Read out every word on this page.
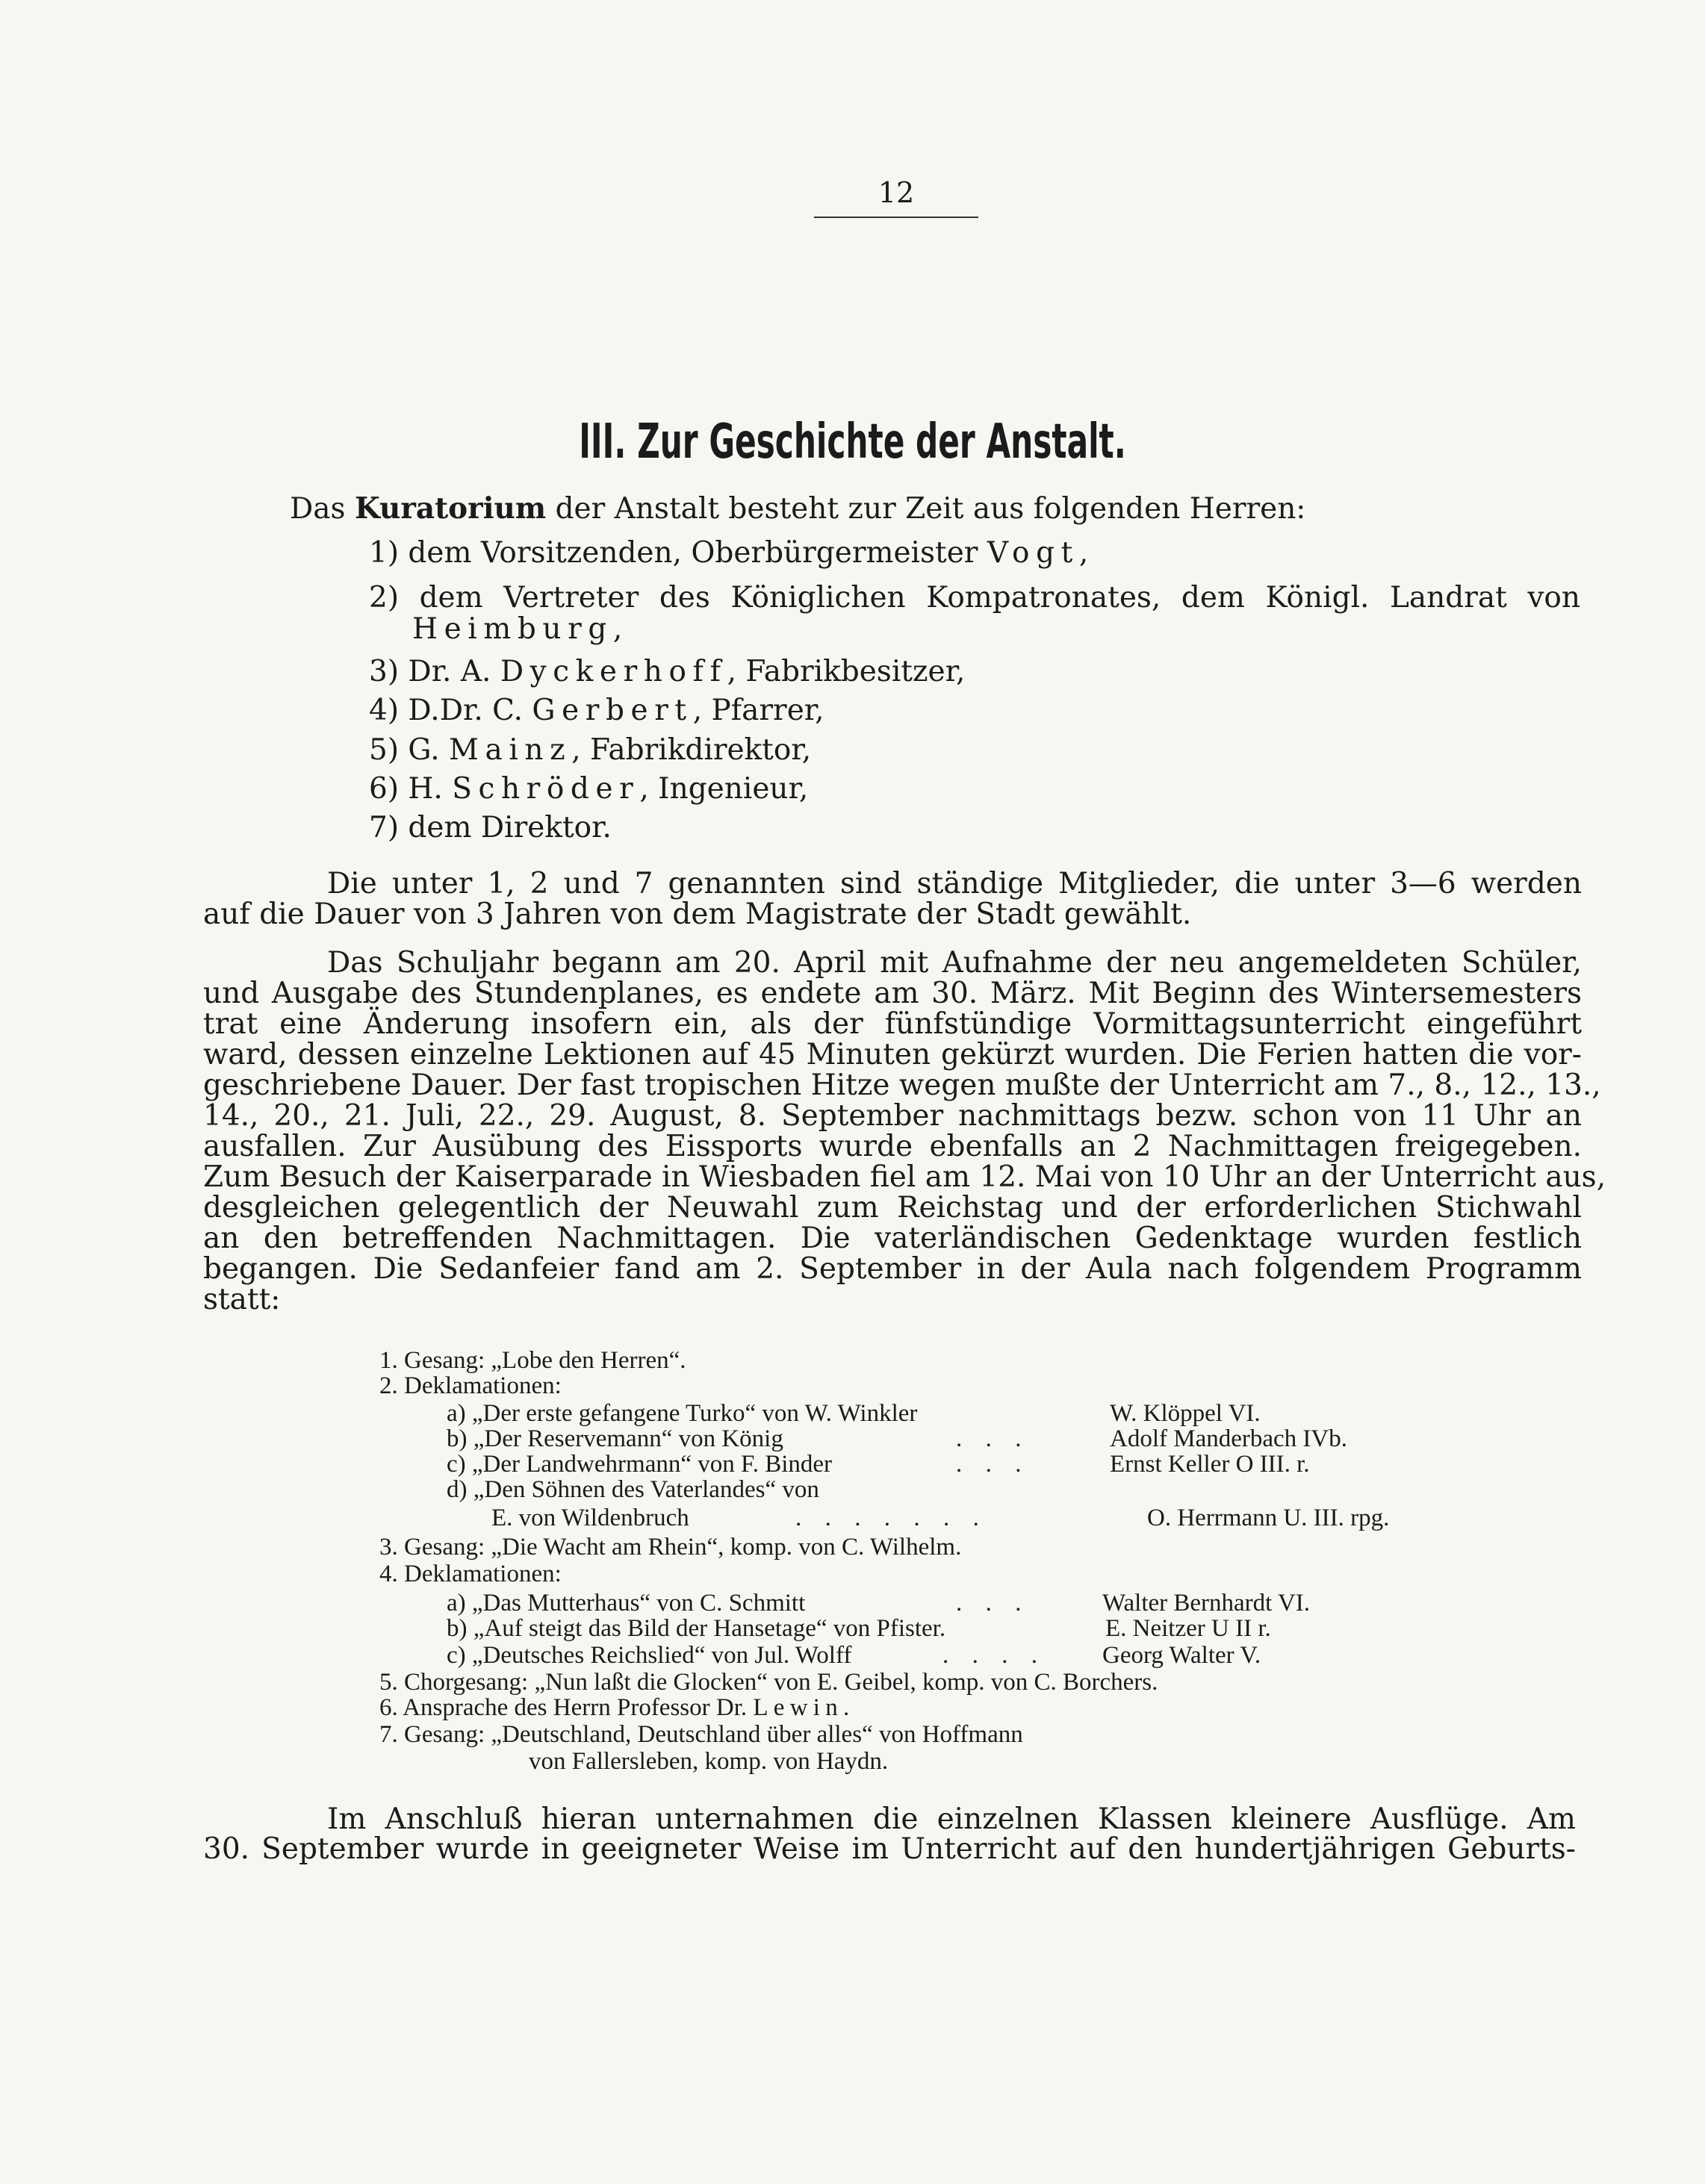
12
III. Zur Geschichte der Anstalt.
Das Kuratorium der Anstalt besteht zur Zeit aus folgenden Herren:
1) dem Vorsitzenden, Oberbürgermeister Vogt,
2) dem Vertreter des Königlichen Kompatronates, dem Königl. Landrat von
Heimburg,
3) Dr. A. Dyckerhoff, Fabrikbesitzer,
4) D.Dr. C. Gerbert, Pfarrer,
5) G. Mainz, Fabrikdirektor,
6) H. Schröder, Ingenieur,
7) dem Direktor.
Die unter 1, 2 und 7 genannten sind ständige Mitglieder, die unter 3—6 werden
auf die Dauer von 3 Jahren von dem Magistrate der Stadt gewählt.
Das Schuljahr begann am 20. April mit Aufnahme der neu angemeldeten Schüler,
und Ausgabe des Stundenplanes, es endete am 30. März. Mit Beginn des Wintersemesters
trat eine Änderung insofern ein, als der fünfstündige Vormittagsunterricht eingeführt
ward, dessen einzelne Lektionen auf 45 Minuten gekürzt wurden. Die Ferien hatten die vor-
geschriebene Dauer. Der fast tropischen Hitze wegen mußte der Unterricht am 7., 8., 12., 13.,
14., 20., 21. Juli, 22., 29. August, 8. September nachmittags bezw. schon von 11 Uhr an
ausfallen. Zur Ausübung des Eissports wurde ebenfalls an 2 Nachmittagen freigegeben.
Zum Besuch der Kaiserparade in Wiesbaden fiel am 12. Mai von 10 Uhr an der Unterricht aus,
desgleichen gelegentlich der Neuwahl zum Reichstag und der erforderlichen Stichwahl
an den betreffenden Nachmittagen. Die vaterländischen Gedenktage wurden festlich
begangen. Die Sedanfeier fand am 2. September in der Aula nach folgendem Programm
statt:
1. Gesang: „Lobe den Herren“.
2. Deklamationen:
a) „Der erste gefangene Turko“ von W. Winkler	W. Klöppel VI.
b) „Der Reservemann“ von König	. . .	Adolf Manderbach IVb.
c) „Der Landwehrmann“ von F. Binder	. . .	Ernst Keller O III. r.
d) „Den Söhnen des Vaterlandes“ von
E. von Wildenbruch	. . . . . . .	O. Herrmann U. III. rpg.
3. Gesang: „Die Wacht am Rhein“, komp. von C. Wilhelm.
4. Deklamationen:
a) „Das Mutterhaus“ von C. Schmitt	. . .	Walter Bernhardt VI.
b) „Auf steigt das Bild der Hansetage“ von Pfister.	E. Neitzer U II r.
c) „Deutsches Reichslied“ von Jul. Wolff	. . . . Georg Walter V.
5. Chorgesang: „Nun laßt die Glocken“ von E. Geibel, komp. von C. Borchers.
6. Ansprache des Herrn Professor Dr. Lewin.
7. Gesang: „Deutschland, Deutschland über alles“ von Hoffmann
von Fallersleben, komp. von Haydn.
Im Anschluß hieran unternahmen die einzelnen Klassen kleinere Ausflüge. Am
30. September wurde in geeigneter Weise im Unterricht auf den hundertjährigen Geburts-
